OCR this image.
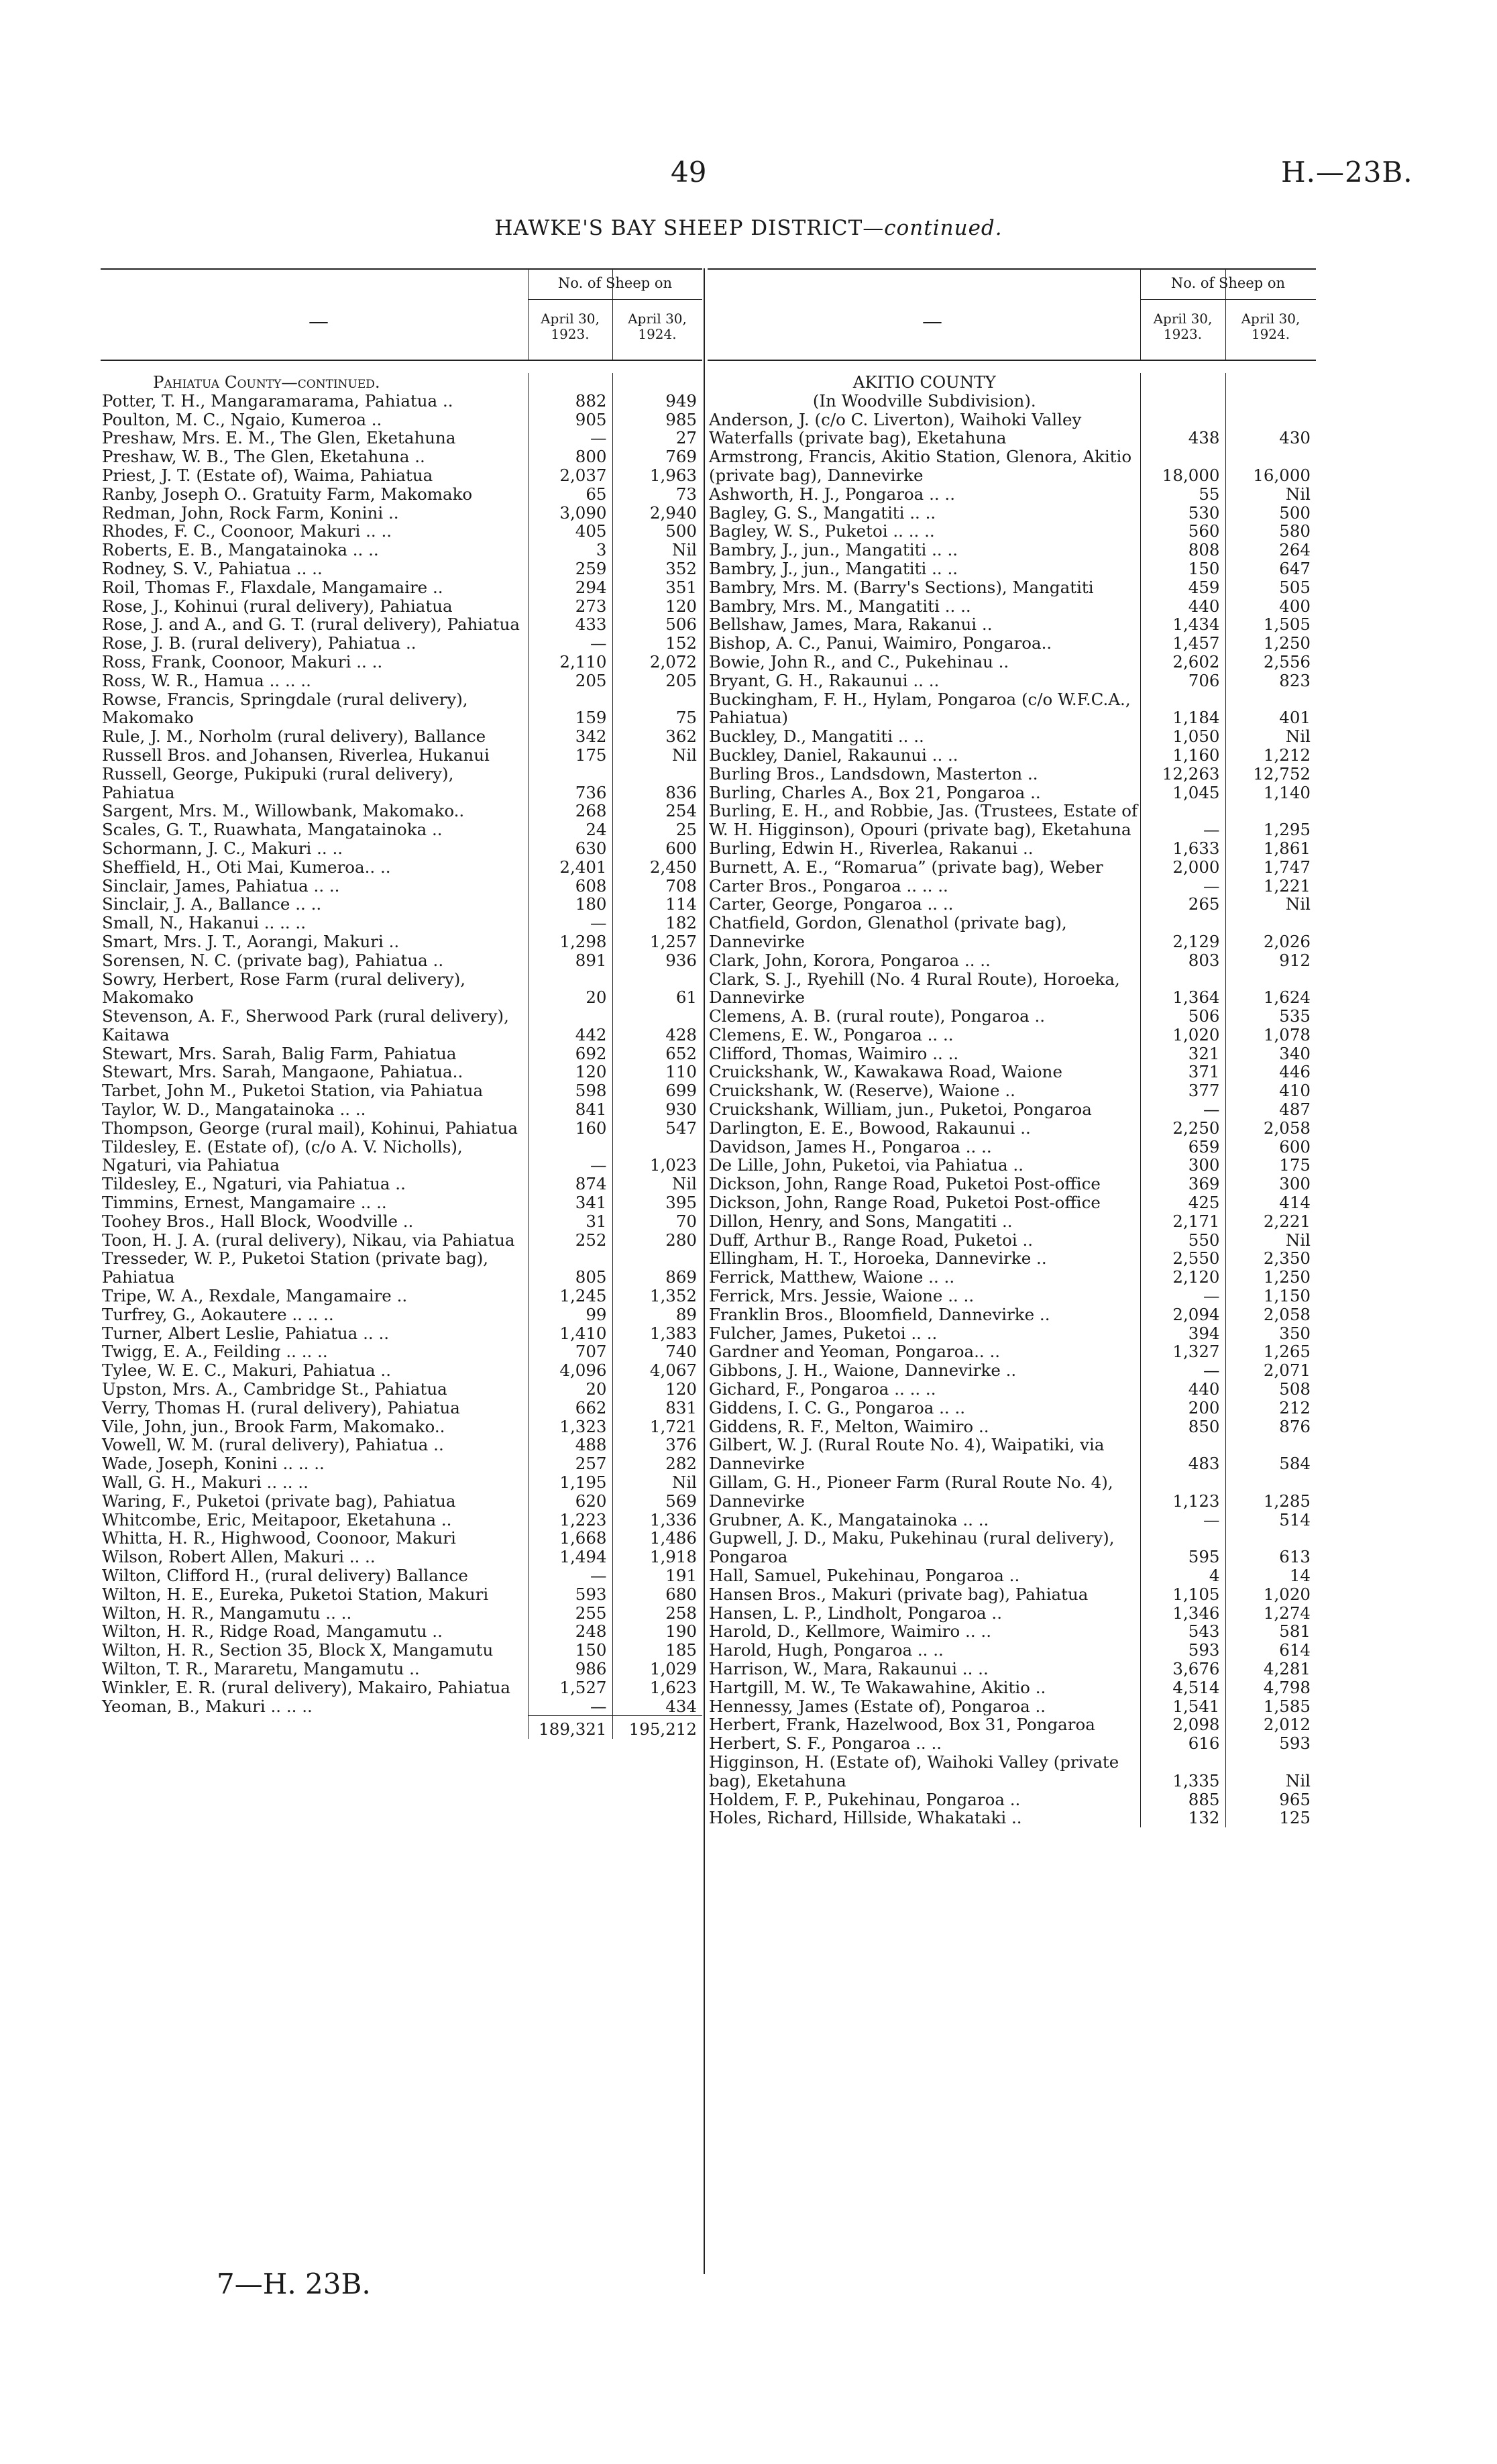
49	H.—23B.
HAWKE'S BAY SHEEP DISTRICT—continued.
—
No. of Sheep on
April 30, 1923.
April 30, 1924.
Pahiatua County—continued.		
Potter, T. H., Mangaramarama, Pahiatua ..	882	949
Poulton, M. C., Ngaio, Kumeroa ..	905	985
Preshaw, Mrs. E. M., The Glen, Eketahuna	—	27
Preshaw, W. B., The Glen, Eketahuna ..	800	769
Priest, J. T. (Estate of), Waima, Pahiatua	2,037	1,963
Ranby, Joseph O.. Gratuity Farm, Makomako	65	73
Redman, John, Rock Farm, Konini ..	3,090	2,940
Rhodes, F. C., Coonoor, Makuri .. ..	405	500
Roberts, E. B., Mangatainoka .. ..	3	Nil
Rodney, S. V., Pahiatua .. ..	259	352
Roil, Thomas F., Flaxdale, Mangamaire ..	294	351
Rose, J., Kohinui (rural delivery), Pahiatua	273	120
Rose, J. and A., and G. T. (rural delivery), Pahiatua	433	506
Rose, J. B. (rural delivery), Pahiatua ..	—	152
Ross, Frank, Coonoor, Makuri .. ..	2,110	2,072
Ross, W. R., Hamua .. .. ..	205	205
Rowse, Francis, Springdale (rural delivery), Makomako	159	75
Rule, J. M., Norholm (rural delivery), Ballance	342	362
Russell Bros. and Johansen, Riverlea, Hukanui	175	Nil
Russell, George, Pukipuki (rural delivery), Pahiatua	736	836
Sargent, Mrs. M., Willowbank, Makomako..	268	254
Scales, G. T., Ruawhata, Mangatainoka ..	24	25
Schormann, J. C., Makuri .. ..	630	600
Sheffield, H., Oti Mai, Kumeroa.. ..	2,401	2,450
Sinclair, James, Pahiatua .. ..	608	708
Sinclair, J. A., Ballance .. ..	180	114
Small, N., Hakanui .. .. ..	—	182
Smart, Mrs. J. T., Aorangi, Makuri ..	1,298	1,257
Sorensen, N. C. (private bag), Pahiatua ..	891	936
Sowry, Herbert, Rose Farm (rural delivery), Makomako	20	61
Stevenson, A. F., Sherwood Park (rural delivery), Kaitawa	442	428
Stewart, Mrs. Sarah, Balig Farm, Pahiatua	692	652
Stewart, Mrs. Sarah, Mangaone, Pahiatua..	120	110
Tarbet, John M., Puketoi Station, via Pahiatua	598	699
Taylor, W. D., Mangatainoka .. ..	841	930
Thompson, George (rural mail), Kohinui, Pahiatua	160	547
Tildesley, E. (Estate of), (c/o A. V. Nicholls), Ngaturi, via Pahiatua	—	1,023
Tildesley, E., Ngaturi, via Pahiatua ..	874	Nil
Timmins, Ernest, Mangamaire .. ..	341	395
Toohey Bros., Hall Block, Woodville ..	31	70
Toon, H. J. A. (rural delivery), Nikau, via Pahiatua	252	280
Tresseder, W. P., Puketoi Station (private bag), Pahiatua	805	869
Tripe, W. A., Rexdale, Mangamaire ..	1,245	1,352
Turfrey, G., Aokautere .. .. ..	99	89
Turner, Albert Leslie, Pahiatua .. ..	1,410	1,383
Twigg, E. A., Feilding .. .. ..	707	740
Tylee, W. E. C., Makuri, Pahiatua ..	4,096	4,067
Upston, Mrs. A., Cambridge St., Pahiatua	20	120
Verry, Thomas H. (rural delivery), Pahiatua	662	831
Vile, John, jun., Brook Farm, Makomako..	1,323	1,721
Vowell, W. M. (rural delivery), Pahiatua ..	488	376
Wade, Joseph, Konini .. .. ..	257	282
Wall, G. H., Makuri .. .. ..	1,195	Nil
Waring, F., Puketoi (private bag), Pahiatua	620	569
Whitcombe, Eric, Meitapoor, Eketahuna ..	1,223	1,336
Whitta, H. R., Highwood, Coonoor, Makuri	1,668	1,486
Wilson, Robert Allen, Makuri .. ..	1,494	1,918
Wilton, Clifford H., (rural delivery) Ballance	—	191
Wilton, H. E., Eureka, Puketoi Station, Makuri	593	680
Wilton, H. R., Mangamutu .. ..	255	258
Wilton, H. R., Ridge Road, Mangamutu ..	248	190
Wilton, H. R., Section 35, Block X, Mangamutu	150	185
Wilton, T. R., Mararetu, Mangamutu ..	986	1,029
Winkler, E. R. (rural delivery), Makairo, Pahiatua	1,527	1,623
Yeoman, B., Makuri .. .. ..	—	434
	189,321	195,212
—
No. of Sheep on
April 30, 1923.
April 30, 1924.
AKITIO COUNTY		
(In Woodville Subdivision).		
Anderson, J. (c/o C. Liverton), Waihoki Valley Waterfalls (private bag), Eketahuna	438	430
Armstrong, Francis, Akitio Station, Glenora, Akitio (private bag), Dannevirke	18,000	16,000
Ashworth, H. J., Pongaroa .. ..	55	Nil
Bagley, G. S., Mangatiti .. ..	530	500
Bagley, W. S., Puketoi .. .. ..	560	580
Bambry, J., jun., Mangatiti .. ..	808	264
Bambry, J., jun., Mangatiti .. ..	150	647
Bambry, Mrs. M. (Barry's Sections), Mangatiti	459	505
Bambry, Mrs. M., Mangatiti .. ..	440	400
Bellshaw, James, Mara, Rakanui ..	1,434	1,505
Bishop, A. C., Panui, Waimiro, Pongaroa..	1,457	1,250
Bowie, John R., and C., Pukehinau ..	2,602	2,556
Bryant, G. H., Rakaunui .. ..	706	823
Buckingham, F. H., Hylam, Pongaroa (c/o W.F.C.A., Pahiatua)	1,184	401
Buckley, D., Mangatiti .. ..	1,050	Nil
Buckley, Daniel, Rakaunui .. ..	1,160	1,212
Burling Bros., Landsdown, Masterton ..	12,263	12,752
Burling, Charles A., Box 21, Pongaroa ..	1,045	1,140
Burling, E. H., and Robbie, Jas. (Trustees, Estate of W. H. Higginson), Opouri (private bag), Eketahuna	—	1,295
Burling, Edwin H., Riverlea, Rakanui ..	1,633	1,861
Burnett, A. E., “Romarua” (private bag), Weber	2,000	1,747
Carter Bros., Pongaroa .. .. ..	—	1,221
Carter, George, Pongaroa .. ..	265	Nil
Chatfield, Gordon, Glenathol (private bag), Dannevirke	2,129	2,026
Clark, John, Korora, Pongaroa .. ..	803	912
Clark, S. J., Ryehill (No. 4 Rural Route), Horoeka, Dannevirke	1,364	1,624
Clemens, A. B. (rural route), Pongaroa ..	506	535
Clemens, E. W., Pongaroa .. ..	1,020	1,078
Clifford, Thomas, Waimiro .. ..	321	340
Cruickshank, W., Kawakawa Road, Waione	371	446
Cruickshank, W. (Reserve), Waione ..	377	410
Cruickshank, William, jun., Puketoi, Pongaroa	—	487
Darlington, E. E., Bowood, Rakaunui ..	2,250	2,058
Davidson, James H., Pongaroa .. ..	659	600
De Lille, John, Puketoi, via Pahiatua ..	300	175
Dickson, John, Range Road, Puketoi Post-office	369	300
Dickson, John, Range Road, Puketoi Post-office	425	414
Dillon, Henry, and Sons, Mangatiti ..	2,171	2,221
Duff, Arthur B., Range Road, Puketoi ..	550	Nil
Ellingham, H. T., Horoeka, Dannevirke ..	2,550	2,350
Ferrick, Matthew, Waione .. ..	2,120	1,250
Ferrick, Mrs. Jessie, Waione .. ..	—	1,150
Franklin Bros., Bloomfield, Dannevirke ..	2,094	2,058
Fulcher, James, Puketoi .. ..	394	350
Gardner and Yeoman, Pongaroa.. ..	1,327	1,265
Gibbons, J. H., Waione, Dannevirke ..	—	2,071
Gichard, F., Pongaroa .. .. ..	440	508
Giddens, I. C. G., Pongaroa .. ..	200	212
Giddens, R. F., Melton, Waimiro ..	850	876
Gilbert, W. J. (Rural Route No. 4), Waipatiki, via Dannevirke	483	584
Gillam, G. H., Pioneer Farm (Rural Route No. 4), Dannevirke	1,123	1,285
Grubner, A. K., Mangatainoka .. ..	—	514
Gupwell, J. D., Maku, Pukehinau (rural delivery), Pongaroa	595	613
Hall, Samuel, Pukehinau, Pongaroa ..	4	14
Hansen Bros., Makuri (private bag), Pahiatua	1,105	1,020
Hansen, L. P., Lindholt, Pongaroa ..	1,346	1,274
Harold, D., Kellmore, Waimiro .. ..	543	581
Harold, Hugh, Pongaroa .. ..	593	614
Harrison, W., Mara, Rakaunui .. ..	3,676	4,281
Hartgill, M. W., Te Wakawahine, Akitio ..	4,514	4,798
Hennessy, James (Estate of), Pongaroa ..	1,541	1,585
Herbert, Frank, Hazelwood, Box 31, Pongaroa	2,098	2,012
Herbert, S. F., Pongaroa .. ..	616	593
Higginson, H. (Estate of), Waihoki Valley (private bag), Eketahuna	1,335	Nil
Holdem, F. P., Pukehinau, Pongaroa ..	885	965
Holes, Richard, Hillside, Whakataki ..	132	125
7—H. 23B.
